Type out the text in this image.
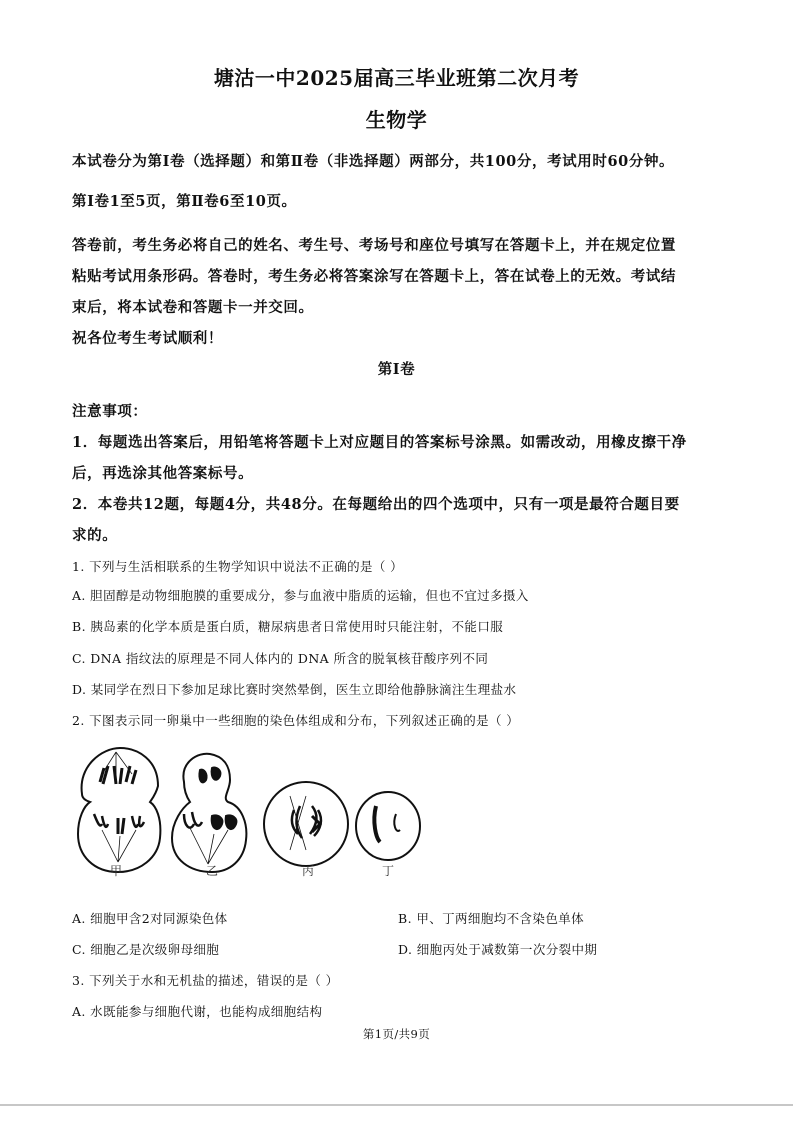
塘沽一中2025届高三毕业班第二次月考
生物学
本试卷分为第Ⅰ卷（选择题）和第Ⅱ卷（非选择题）两部分，共100分，考试用时60分钟。
第Ⅰ卷1至5页，第Ⅱ卷6至10页。
答卷前，考生务必将自己的姓名、考生号、考场号和座位号填写在答题卡上，并在规定位置
粘贴考试用条形码。答卷时，考生务必将答案涂写在答题卡上，答在试卷上的无效。考试结
束后，将本试卷和答题卡一并交回。
祝各位考生考试顺利！
第Ⅰ卷
注意事项：
1．每题选出答案后，用铅笔将答题卡上对应题目的答案标号涂黑。如需改动，用橡皮擦干净
后，再选涂其他答案标号。
2．本卷共12题，每题4分，共48分。在每题给出的四个选项中，只有一项是最符合题目要
求的。
1. 下列与生活相联系的生物学知识中说法不正确的是（ ）
A. 胆固醇是动物细胞膜的重要成分，参与血液中脂质的运输，但也不宜过多摄入
B. 胰岛素的化学本质是蛋白质，糖尿病患者日常使用时只能注射，不能口服
C. DNA 指纹法的原理是不同人体内的 DNA 所含的脱氧核苷酸序列不同
D. 某同学在烈日下参加足球比赛时突然晕倒，医生立即给他静脉滴注生理盐水
2. 下图表示同一卵巢中一些细胞的染色体组成和分布，下列叙述正确的是（ ）
甲	乙	丙	丁
A. 细胞甲含2对同源染色体	B. 甲、丁两细胞均不含染色单体
C. 细胞乙是次级卵母细胞	D. 细胞丙处于减数第一次分裂中期
3. 下列关于水和无机盐的描述，错误的是（ ）
A. 水既能参与细胞代谢，也能构成细胞结构
第1页/共9页
